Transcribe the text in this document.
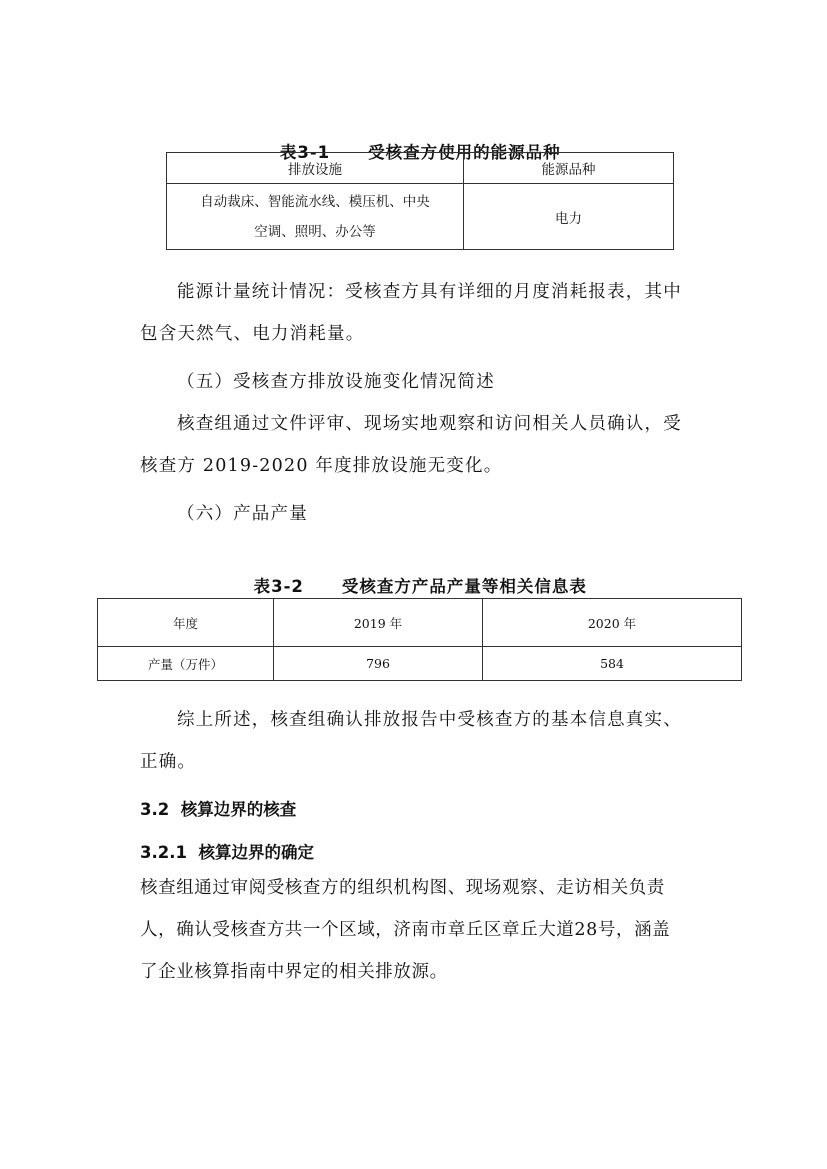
表3-1 受核查方使用的能源品种

排放设施	能源品种

自动裁床、智能流水线、模压机、中央
空调、照明、办公等	电力
能源计量统计情况：受核查方具有详细的月度消耗报表，其中
包含天然气、电力消耗量。
（五）受核查方排放设施变化情况简述
核查组通过文件评审、现场实地观察和访问相关人员确认，受
核查方 2019-2020 年度排放设施无变化。
（六）产品产量

表3-2 受核查方产品产量等相关信息表

年度	2019 年	2020 年
产量（万件）	796	584
综上所述，核查组确认排放报告中受核查方的基本信息真实、
正确。
3.2  核算边界的核查
3.2.1  核算边界的确定
核查组通过审阅受核查方的组织机构图、现场观察、走访相关负责
人，确认受核查方共一个区域，济南市章丘区章丘大道28号，涵盖
了企业核算指南中界定的相关排放源。
